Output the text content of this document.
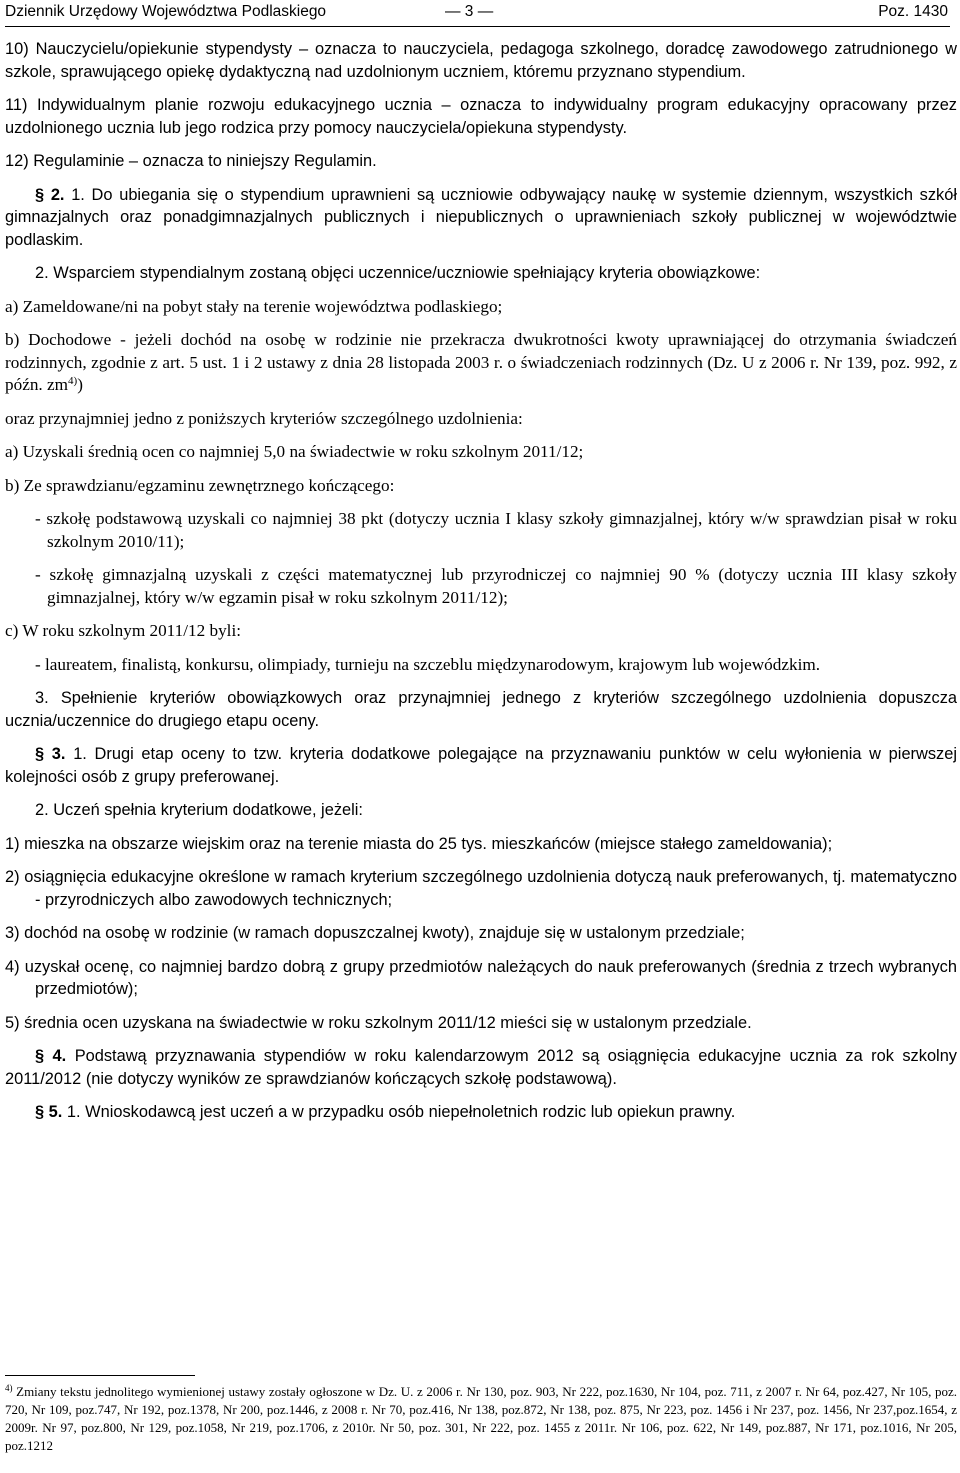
Dziennik Urzędowy Województwa Podlaskiego	— 3 —	Poz. 1430

10) Nauczycielu/opiekunie stypendysty – oznacza to nauczyciela, pedagoga szkolnego, doradcę zawodowego zatrudnionego w szkole, sprawującego opiekę dydaktyczną nad uzdolnionym uczniem, któremu przyznano stypendium.

11) Indywidualnym planie rozwoju edukacyjnego ucznia – oznacza to indywidualny program edukacyjny opracowany przez uzdolnionego ucznia lub jego rodzica przy pomocy nauczyciela/opiekuna stypendysty.

12) Regulaminie – oznacza to niniejszy Regulamin.

§ 2. 1. Do ubiegania się o stypendium uprawnieni są uczniowie odbywający naukę w systemie dziennym, wszystkich szkół gimnazjalnych oraz ponadgimnazjalnych publicznych i niepublicznych o uprawnieniach szkoły publicznej w województwie podlaskim.

2. Wsparciem stypendialnym zostaną objęci uczennice/uczniowie spełniający kryteria obowiązkowe:

a) Zameldowane/ni na pobyt stały na terenie województwa podlaskiego;

b) Dochodowe - jeżeli dochód na osobę w rodzinie nie przekracza dwukrotności kwoty uprawniającej do otrzymania świadczeń rodzinnych, zgodnie z art. 5 ust. 1 i 2 ustawy z dnia 28 listopada 2003 r. o świadczeniach rodzinnych (Dz. U z 2006 r. Nr 139, poz. 992, z późn. $zm^{4)}$)

oraz przynajmniej jedno z poniższych kryteriów szczególnego uzdolnienia:

a) Uzyskali średnią ocen co najmniej 5,0 na świadectwie w roku szkolnym 2011/12;

b) Ze sprawdzianu/egzaminu zewnętrznego kończącego:

- szkołę podstawową uzyskali co najmniej 38 pkt (dotyczy ucznia I klasy szkoły gimnazjalnej, który w/w sprawdzian pisał w roku szkolnym 2010/11);

- szkołę gimnazjalną uzyskali z części matematycznej lub przyrodniczej co najmniej 90 % (dotyczy ucznia III klasy szkoły gimnazjalnej, który w/w egzamin pisał w roku szkolnym 2011/12);

c) W roku szkolnym 2011/12 byli:

- laureatem, finalistą, konkursu, olimpiady, turnieju na szczeblu międzynarodowym, krajowym lub wojewódzkim.

3. Spełnienie kryteriów obowiązkowych oraz przynajmniej jednego z kryteriów szczególnego uzdolnienia dopuszcza ucznia/uczennice do drugiego etapu oceny.

§ 3. 1. Drugi etap oceny to tzw. kryteria dodatkowe polegające na przyznawaniu punktów w celu wyłonienia w pierwszej kolejności osób z grupy preferowanej.

2. Uczeń spełnia kryterium dodatkowe, jeżeli:

1) mieszka na obszarze wiejskim oraz na terenie miasta do 25 tys. mieszkańców (miejsce stałego zameldowania);

2) osiągnięcia edukacyjne określone w ramach kryterium szczególnego uzdolnienia dotyczą nauk preferowanych, tj. matematyczno - przyrodniczych albo zawodowych technicznych;

3) dochód na osobę w rodzinie (w ramach dopuszczalnej kwoty), znajduje się w ustalonym przedziale;

4) uzyskał ocenę, co najmniej bardzo dobrą z grupy przedmiotów należących do nauk preferowanych (średnia z trzech wybranych przedmiotów);

5) średnia ocen uzyskana na świadectwie w roku szkolnym 2011/12 mieści się w ustalonym przedziale.

§ 4. Podstawą przyznawania stypendiów w roku kalendarzowym 2012 są osiągnięcia edukacyjne ucznia za rok szkolny 2011/2012 (nie dotyczy wyników ze sprawdzianów kończących szkołę podstawową).

§ 5. 1. Wnioskodawcą jest uczeń a w przypadku osób niepełnoletnich rodzic lub opiekun prawny.

$^{4)}$ Zmiany tekstu jednolitego wymienionej ustawy zostały ogłoszone w Dz. U. z 2006 r. Nr 130, poz. 903, Nr 222, poz.1630, Nr 104, poz. 711, z 2007 r. Nr 64, poz.427, Nr 105, poz. 720, Nr 109, poz.747, Nr 192, poz.1378, Nr 200, poz.1446, z 2008 r. Nr 70, poz.416, Nr 138, poz.872, Nr 138, poz. 875, Nr 223, poz. 1456 i Nr 237, poz. 1456, Nr 237,poz.1654, z 2009r. Nr 97, poz.800, Nr 129, poz.1058, Nr 219, poz.1706, z 2010r. Nr 50, poz. 301, Nr 222, poz. 1455 z 2011r. Nr 106, poz. 622, Nr 149, poz.887, Nr 171, poz.1016, Nr 205, poz.1212
